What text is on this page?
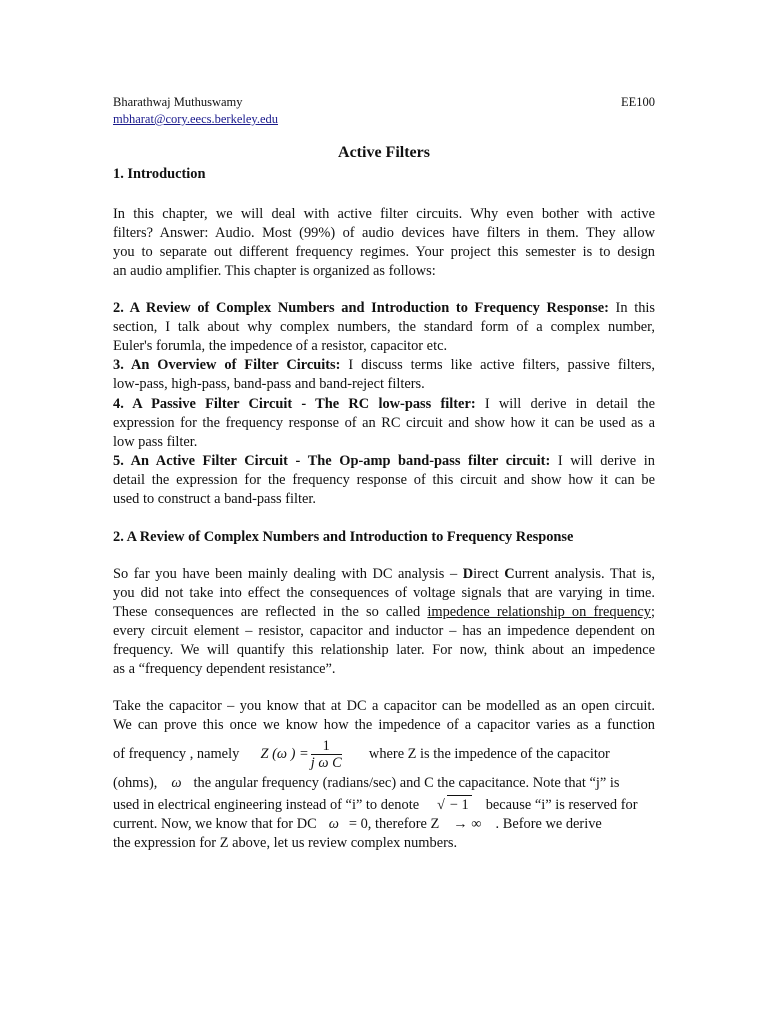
Bharathwaj Muthuswamy	EE100
mbharat@cory.eecs.berkeley.edu
Active Filters
1. Introduction
In this chapter, we will deal with active filter circuits. Why even bother with active
filters? Answer: Audio. Most (99%) of audio devices have filters in them. They allow
you to separate out different frequency regimes. Your project this semester is to design
an audio amplifier. This chapter is organized as follows:
2. A Review of Complex Numbers and Introduction to Frequency Response: In this
section, I talk about why complex numbers, the standard form of a complex number,
Euler's forumla, the impedence of a resistor, capacitor etc.
3. An Overview of Filter Circuits: I discuss terms like active filters, passive filters,
low-pass, high-pass, band-pass and band-reject filters.
4. A Passive Filter Circuit - The RC low-pass filter: I will derive in detail the
expression for the frequency response of an RC circuit and show how it can be used as a
low pass filter.
5. An Active Filter Circuit - The Op-amp band-pass filter circuit: I will derive in
detail the expression for the frequency response of this circuit and show how it can be
used to construct a band-pass filter.
2. A Review of Complex Numbers and Introduction to Frequency Response
So far you have been mainly dealing with DC analysis – Direct Current analysis. That is,
you did not take into effect the consequences of voltage signals that are varying in time.
These consequences are reflected in the so called impedence relationship on frequency;
every circuit element – resistor, capacitor and inductor – has an impedence dependent on
frequency. We will quantify this relationship later. For now, think about an impedence
as a “frequency dependent resistance”.
Take the capacitor – you know that at DC a capacitor can be modelled as an open circuit.
We can prove this once we know how the impedence of a capacitor varies as a function
of frequency , namely Z (ω ) = $\frac{1}{\text{j ω C}}$ where Z is the impedence of the capacitor
(ohms), ω the angular frequency (radians/sec) and C the capacitance. Note that “j” is
used in electrical engineering instead of “i” to denote √ − 1 because “i” is reserved for
current. Now, we know that for DC ω = 0, therefore Z → ∞ . Before we derive
the expression for Z above, let us review complex numbers.
